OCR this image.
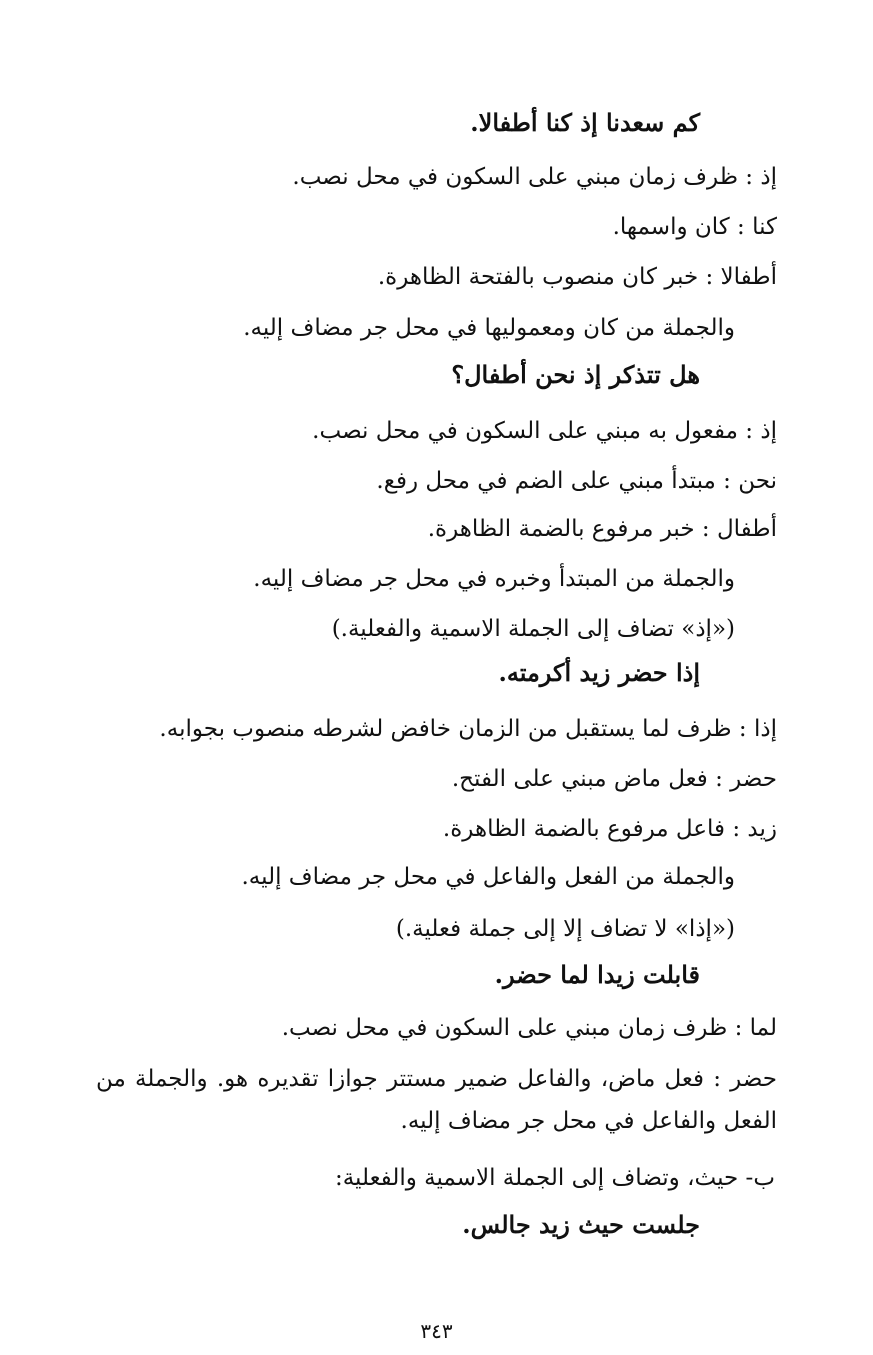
كم سعدنا إذ كنا أطفالا.
إذ : ظرف زمان مبني على السكون في محل نصب.
كنا : كان واسمها.
أطفالا : خبر كان منصوب بالفتحة الظاهرة.
والجملة من كان ومعموليها في محل جر مضاف إليه.
هل تتذكر إذ نحن أطفال؟
إذ : مفعول به مبني على السكون في محل نصب.
نحن : مبتدأ مبني على الضم في محل رفع.
أطفال : خبر مرفوع بالضمة الظاهرة.
والجملة من المبتدأ وخبره في محل جر مضاف إليه.
(«إذ» تضاف إلى الجملة الاسمية والفعلية.)
إذا حضر زيد أكرمته.
إذا : ظرف لما يستقبل من الزمان خافض لشرطه منصوب بجوابه.
حضر : فعل ماض مبني على الفتح.
زيد : فاعل مرفوع بالضمة الظاهرة.
والجملة من الفعل والفاعل في محل جر مضاف إليه.
(«إذا» لا تضاف إلا إلى جملة فعلية.)
قابلت زيدا لما حضر.
لما : ظرف زمان مبني على السكون في محل نصب.
حضر : فعل ماض، والفاعل ضمير مستتر جوازا تقديره هو. والجملة من الفعل والفاعل في محل جر مضاف إليه.
ب- حيث، وتضاف إلى الجملة الاسمية والفعلية:
جلست حيث زيد جالس.
٣٤٣
